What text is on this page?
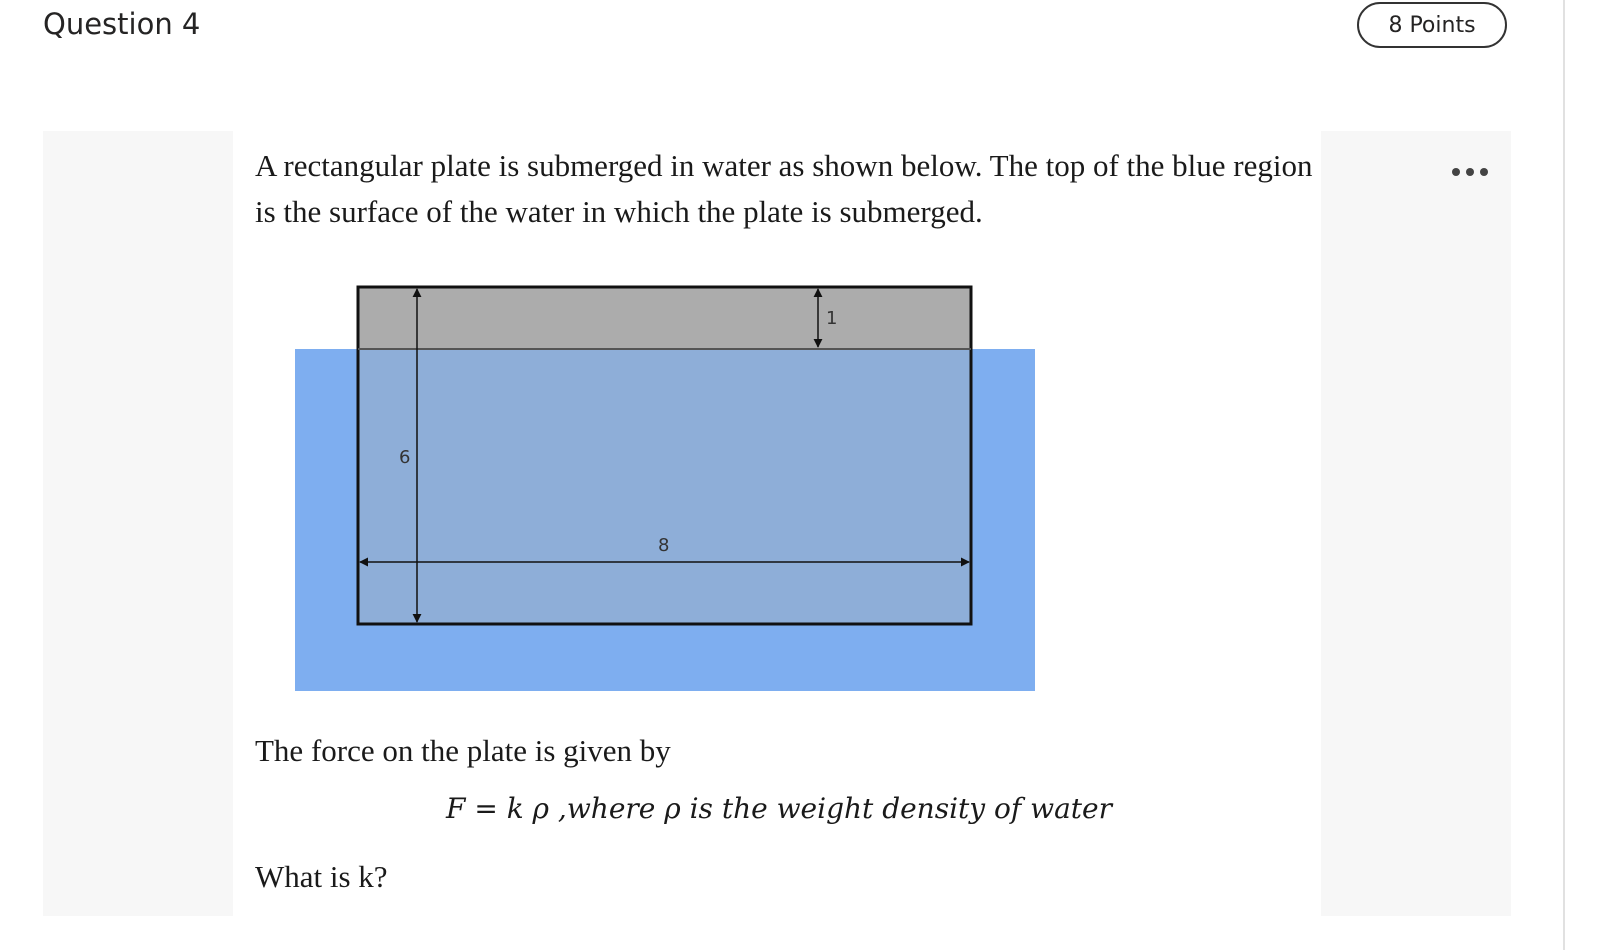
Question 4	8 Points

A rectangular plate is submerged in water as shown below. The top of the blue region is the surface of the water in which the plate is submerged.

6
8
1

The force on the plate is given by

F = k ρ ,where ρ is the weight density of water

What is k?
